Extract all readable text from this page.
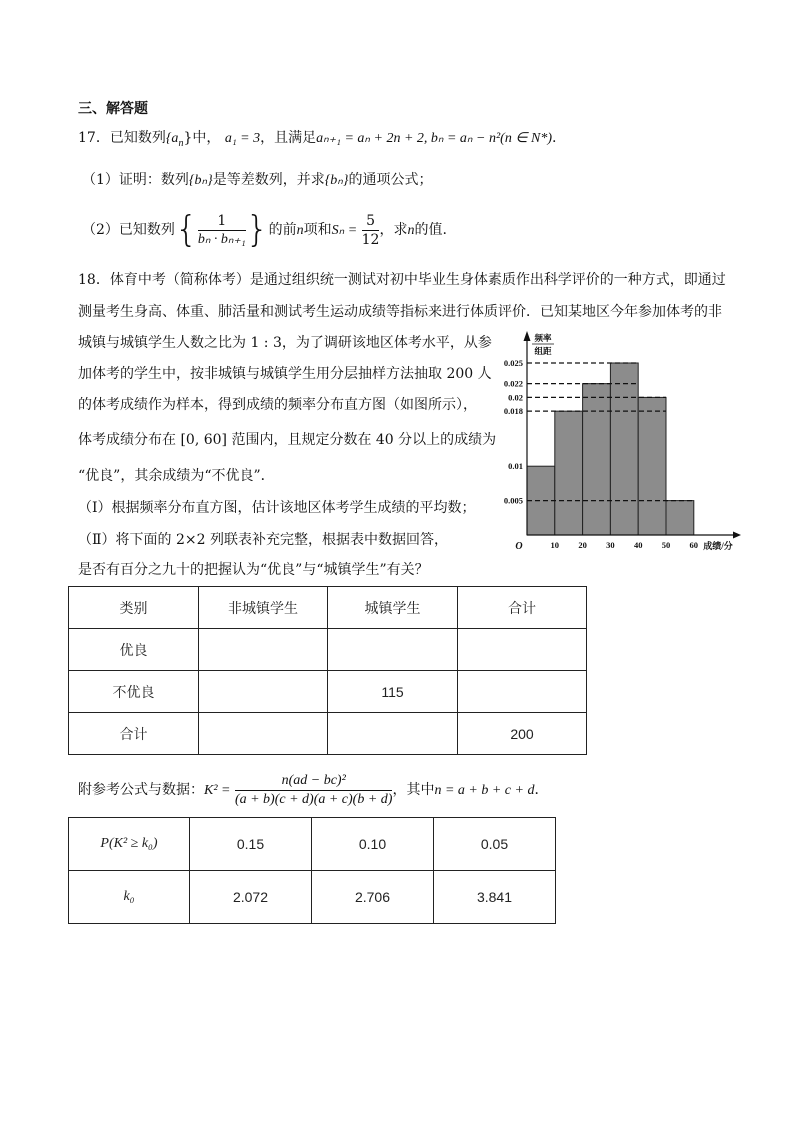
三、解答题
17．已知数列$\{a_n\}$中， a₁ = 3，且满足aₙ₊₁ = aₙ + 2n + 2, bₙ = aₙ − n²(n ∈ N*).
（1）证明：数列{bₙ}是等差数列，并求{bₙ}的通项公式；
（2）已知数列{ $\frac{1}{\text{bₙ · bₙ₊₁}}$ }的前n项和$S_n = \frac{5}{12}$ ，求n的值.
18．体育中考（简称体考）是通过组织统一测试对初中毕业生身体素质作出科学评价的一种方式，即通过
测量考生身高、体重、肺活量和测试考生运动成绩等指标来进行体质评价．已知某地区今年参加体考的非
城镇与城镇学生人数之比为 1 : 3，为了调研该地区体考水平，从参
加体考的学生中，按非城镇与城镇学生用分层抽样方法抽取 200 人
的体考成绩作为样本，得到成绩的频率分布直方图（如图所示），
体考成绩分布在 [0, 60] 范围内，且规定分数在 40 分以上的成绩为
“优良”，其余成绩为“不优良”．
（Ⅰ）根据频率分布直方图，估计该地区体考学生成绩的平均数；
（Ⅱ）将下面的 2×2 列联表补充完整，根据表中数据回答，
是否有百分之九十的把握认为“优良”与“城镇学生”有关？
0.005
0.01
0.018
0.02
0.022
0.025
10 20 30 40 50 60
O	成绩/分
频率
组距
类别	非城镇学生	城镇学生	合计
优良			
不优良		115	
合计			200
附参考公式与数据：$K^2 = \frac{\text{n(ad − bc)²}}{(a + b)(c + d)(a + c)(b + d)}$ ，其中n = a + b + c + d．
P(K² ≥ k₀)	0.15	0.10	0.05
k₀	2.072	2.706	3.841
